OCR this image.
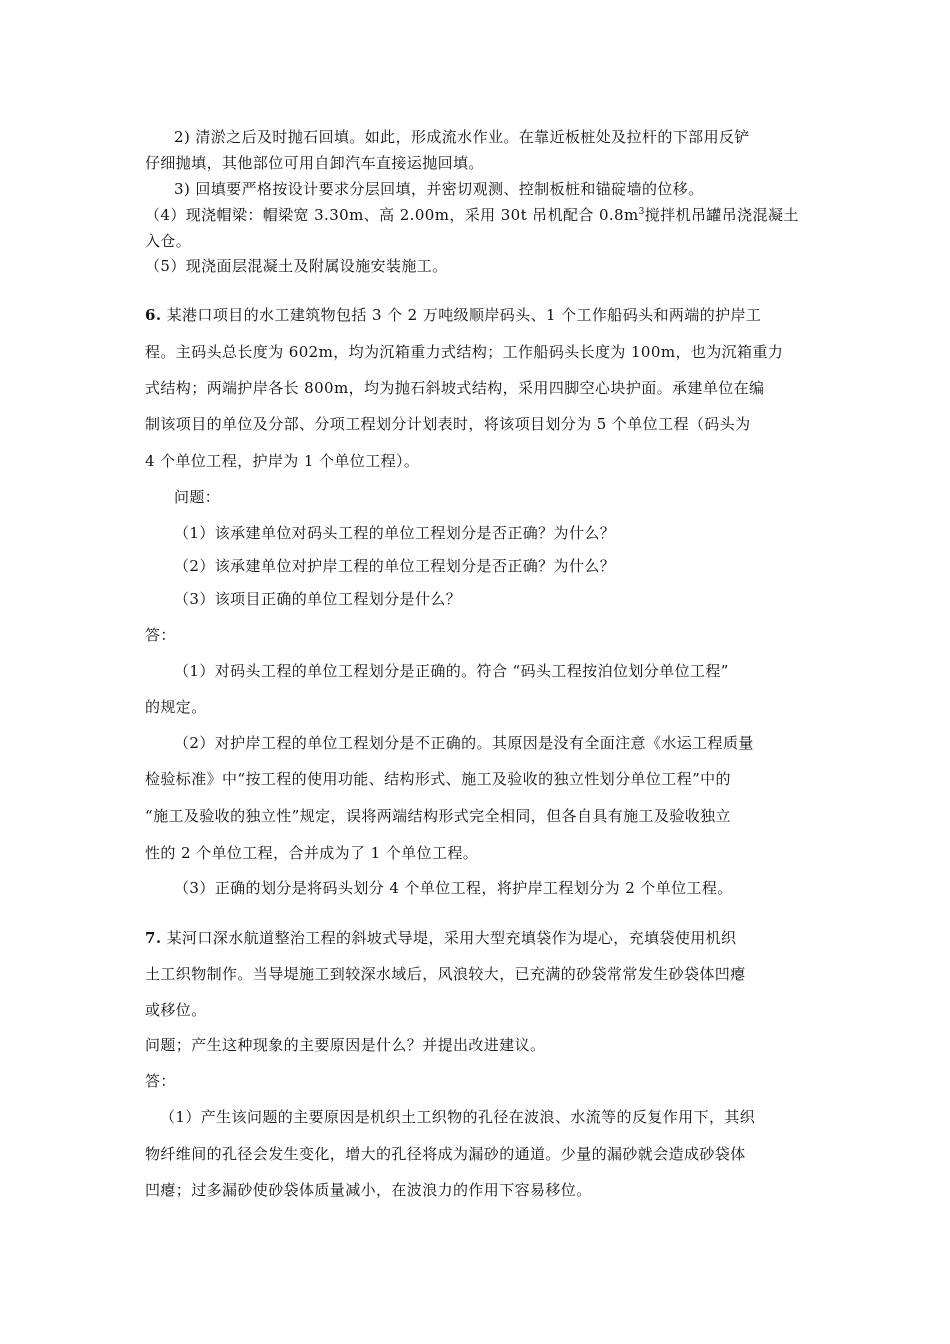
2) 清淤之后及时抛石回填。如此，形成流水作业。在靠近板桩处及拉杆的下部用反铲
仔细抛填，其他部位可用自卸汽车直接运抛回填。
3) 回填要严格按设计要求分层回填，并密切观测、控制板桩和锚碇墙的位移。
（4）现浇帽梁：帽梁宽 3.30m、高 2.00m，采用 30t 吊机配合 $0.8m^3$搅拌机吊罐吊浇混凝土
入仓。
（5）现浇面层混凝土及附属设施安装施工。
6. 某港口项目的水工建筑物包括 3 个 2 万吨级顺岸码头、1 个工作船码头和两端的护岸工
程。主码头总长度为 602m，均为沉箱重力式结构；工作船码头长度为 100m，也为沉箱重力
式结构；两端护岸各长 800m，均为抛石斜坡式结构，采用四脚空心块护面。承建单位在编
制该项目的单位及分部、分项工程划分计划表时，将该项目划分为 5 个单位工程（码头为
4 个单位工程，护岸为 1 个单位工程）。
问题：
（1）该承建单位对码头工程的单位工程划分是否正确？为什么？
（2）该承建单位对护岸工程的单位工程划分是否正确？为什么？
（3）该项目正确的单位工程划分是什么？
答：
（1）对码头工程的单位工程划分是正确的。符合 “码头工程按泊位划分单位工程”
的规定。
（2）对护岸工程的单位工程划分是不正确的。其原因是没有全面注意《水运工程质量
检验标准》中“按工程的使用功能、结构形式、施工及验收的独立性划分单位工程”中的
“施工及验收的独立性”规定，误将两端结构形式完全相同，但各自具有施工及验收独立
性的 2 个单位工程，合并成为了 1 个单位工程。
（3）正确的划分是将码头划分 4 个单位工程，将护岸工程划分为 2 个单位工程。
7. 某河口深水航道整治工程的斜坡式导堤，采用大型充填袋作为堤心，充填袋使用机织
土工织物制作。当导堤施工到较深水域后，风浪较大，已充满的砂袋常常发生砂袋体凹瘪
或移位。
问题；产生这种现象的主要原因是什么？并提出改进建议。
答：
（1）产生该问题的主要原因是机织土工织物的孔径在波浪、水流等的反复作用下，其织
物纤维间的孔径会发生变化，增大的孔径将成为漏砂的通道。少量的漏砂就会造成砂袋体
凹瘪；过多漏砂使砂袋体质量减小，在波浪力的作用下容易移位。
